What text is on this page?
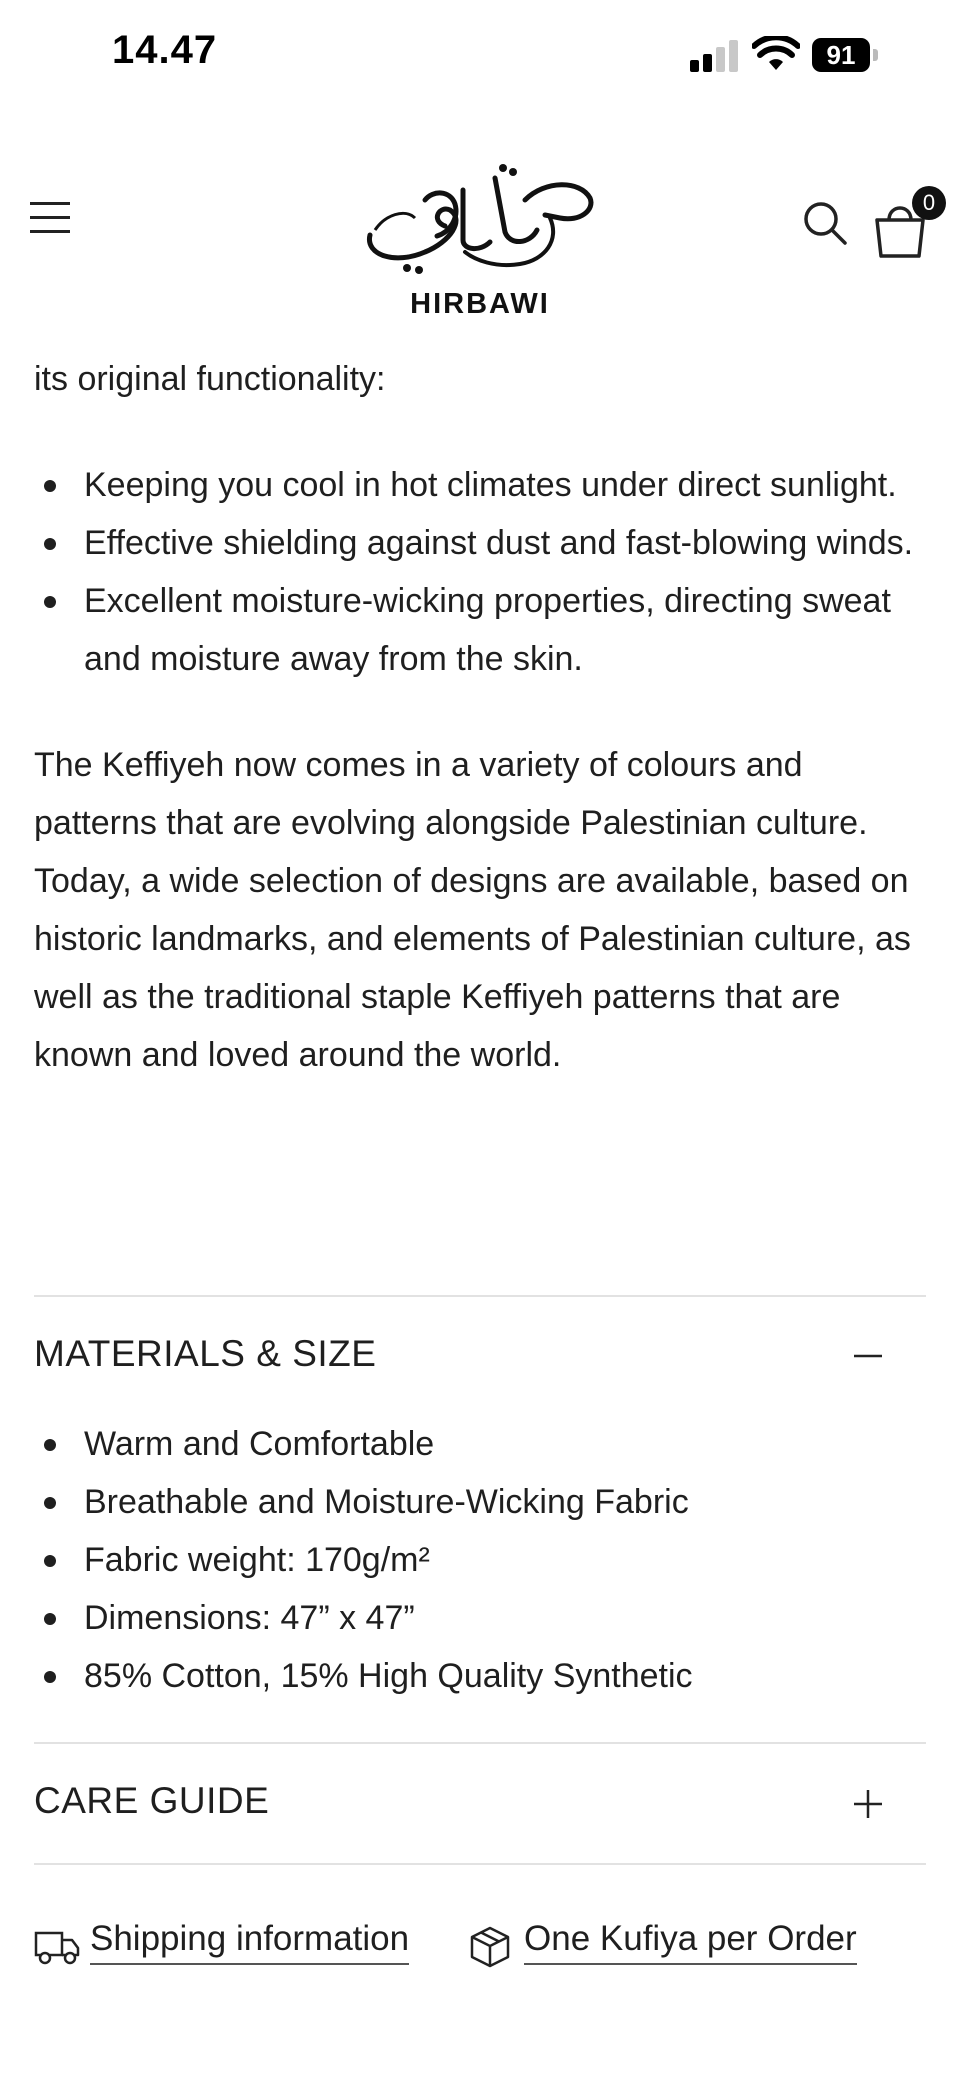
14.47	91
HIRBAWI
0

its original functionality:

Keeping you cool in hot climates under direct sunlight.
Effective shielding against dust and fast-blowing winds.
Excellent moisture-wicking properties, directing sweat and moisture away from the skin.

The Keffiyeh now comes in a variety of colours and patterns that are evolving alongside Palestinian culture. Today, a wide selection of designs are available, based on historic landmarks, and elements of Palestinian culture, as well as the traditional staple Keffiyeh patterns that are known and loved around the world.

MATERIALS & SIZE
Warm and Comfortable
Breathable and Moisture-Wicking Fabric
Fabric weight: 170g/m²
Dimensions: 47” x 47”
85% Cotton, 15% High Quality Synthetic
CARE GUIDE
Shipping information	One Kufiya per Order
